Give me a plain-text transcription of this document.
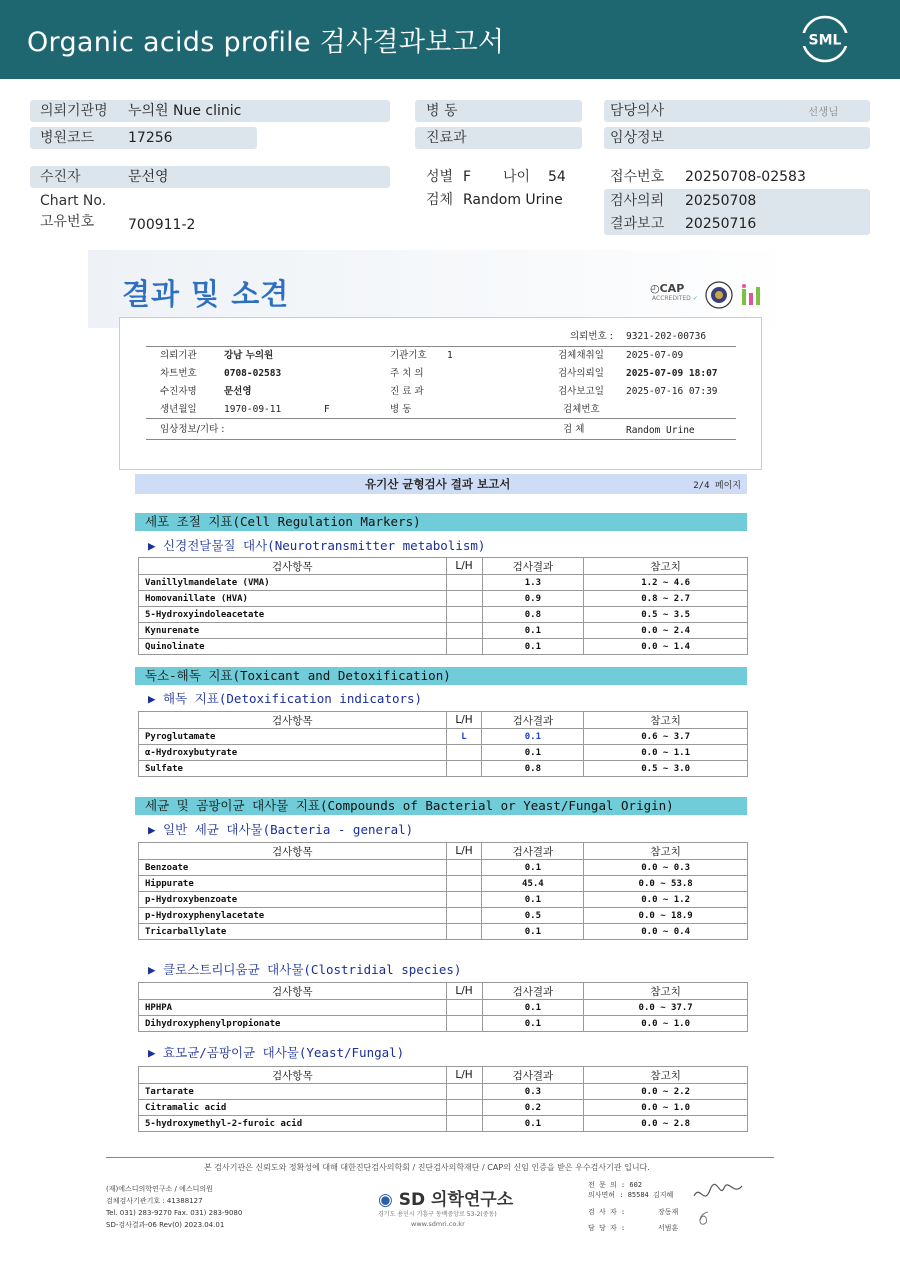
Organic acids profile 검사결과보고서	SML
의뢰기관명 누의원 Nue clinic
병원코드 17256
병 동
진료과
담당의사	선생님
임상정보
수진자	문선영
Chart No.
고유번호 700911-2
성별 F 나이 54
검체 Random Urine
접수번호 20250708-02583
검사의뢰 20250708
결과보고 20250716
결과 및 소견	◴CAP
ACCREDITED ✓
의뢰번호 : 9321-202-00736
의뢰기관	강남 누의원	기관기호 1	검체채취일 2025-07-09
차트번호	0708-02583	주 치 의	검사의뢰일 2025-07-09 18:07
수진자명	문선영	진 료 과	검사보고일 2025-07-16 07:39
생년월일	1970-09-11	F	병 동	검체번호
임상정보/기타 :	검 체	Random Urine
유기산 균형검사 결과 보고서	2/4 페이지
세포 조절 지표(Cell Regulation Markers)
▶ 신경전달물질 대사(Neurotransmitter metabolism)
검사항목	L/H	검사결과	참고치
Vanillylmandelate (VMA)		1.3	1.2 ~ 4.6
Homovanillate (HVA)		0.9	0.8 ~ 2.7
5-Hydroxyindoleacetate		0.8	0.5 ~ 3.5
Kynurenate		0.1	0.0 ~ 2.4
Quinolinate		0.1	0.0 ~ 1.4
독소-해독 지표(Toxicant and Detoxification)
▶ 해독 지표(Detoxification indicators)
검사항목	L/H	검사결과	참고치
Pyroglutamate	L	0.1	0.6 ~ 3.7
α-Hydroxybutyrate		0.1	0.0 ~ 1.1
Sulfate		0.8	0.5 ~ 3.0
세균 및 곰팡이균 대사물 지표(Compounds of Bacterial or Yeast/Fungal Origin)
▶ 일반 세균 대사물(Bacteria - general)
검사항목	L/H	검사결과	참고치
Benzoate		0.1	0.0 ~ 0.3
Hippurate		45.4	0.0 ~ 53.8
p-Hydroxybenzoate		0.1	0.0 ~ 1.2
p-Hydroxyphenylacetate		0.5	0.0 ~ 18.9
Tricarballylate		0.1	0.0 ~ 0.4
▶ 클로스트리디움균 대사물(Clostridial species)
검사항목	L/H	검사결과	참고치
HPHPA		0.1	0.0 ~ 37.7
Dihydroxyphenylpropionate		0.1	0.0 ~ 1.0
▶ 효모균/곰팡이균 대사물(Yeast/Fungal)
검사항목	L/H	검사결과	참고치
Tartarate		0.3	0.0 ~ 2.2
Citramalic acid		0.2	0.0 ~ 1.0
5-hydroxymethyl-2-furoic acid		0.1	0.0 ~ 2.8
본 검사기관은 신뢰도와 정확성에 대해 대한진단검사의학회 / 진단검사의학재단 / CAP의 신임 인증을 받은 우수검사기관 입니다.
(재)에스디의학연구소 / 에스디의원
검체검사기관기호 : 41388127
Tel. 031) 283-9270 Fax. 031) 283-9080
SD-검사결과-06 Rev(0) 2023.04.01
◉ SD 의학연구소
경기도 용인시 기흥구 동백중앙로 53-2(중동)
www.sdmri.co.kr
전 문 의 : 602
의사면허 : 85584 김지혜
검 사 자 :	장동재
담 당 자 :	서범훈
